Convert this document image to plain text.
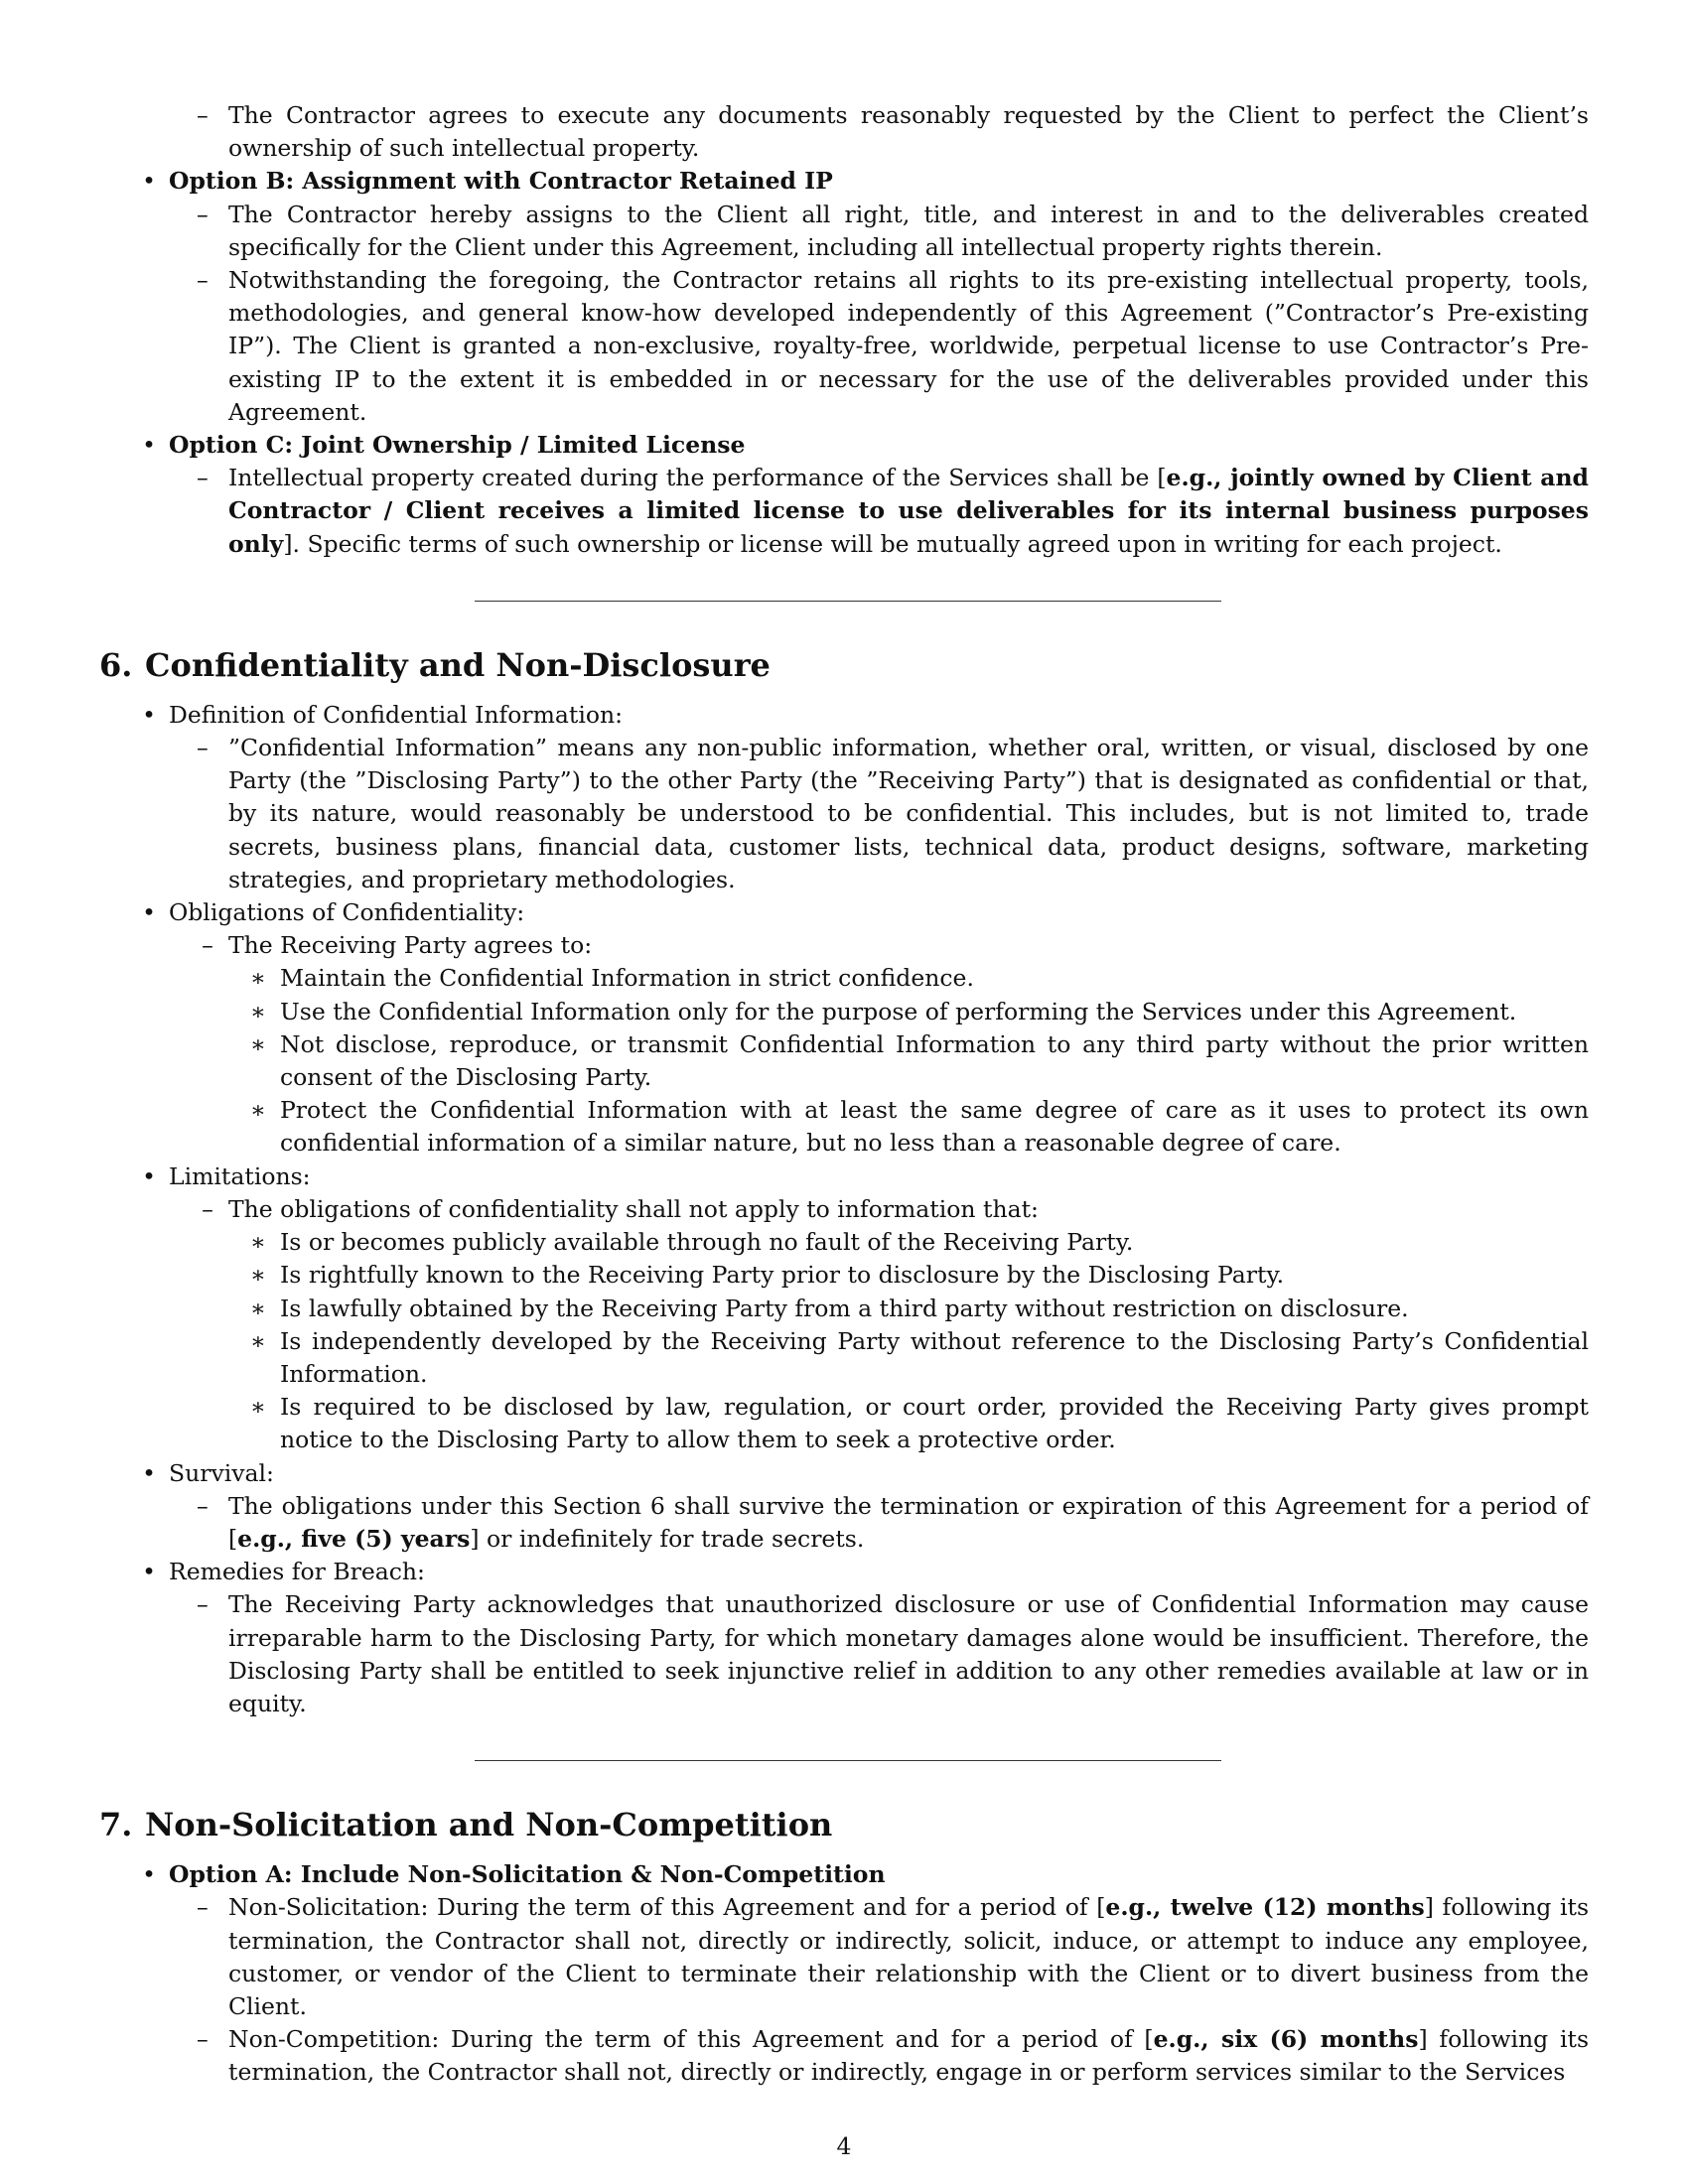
– The Contractor agrees to execute any documents reasonably requested by the Client to perfect the Client’s ownership of such intellectual property.
• Option B: Assignment with Contractor Retained IP
– The Contractor hereby assigns to the Client all right, title, and interest in and to the deliverables created specifically for the Client under this Agreement, including all intellectual property rights therein.
– Notwithstanding the foregoing, the Contractor retains all rights to its pre-existing intellectual property, tools, methodologies, and general know-how developed independently of this Agreement (”Contractor’s Pre-existing IP”). The Client is granted a non-exclusive, royalty-free, worldwide, perpetual license to use Contractor’s Pre-existing IP to the extent it is embedded in or necessary for the use of the deliverables provided under this Agreement.
• Option C: Joint Ownership / Limited License
– Intellectual property created during the performance of the Services shall be [e.g., jointly owned by Client and Contractor / Client receives a limited license to use deliverables for its internal business purposes only]. Specific terms of such ownership or license will be mutually agreed upon in writing for each project.
6. Confidentiality and Non-Disclosure
• Definition of Confidential Information:
– ”Confidential Information” means any non-public information, whether oral, written, or visual, disclosed by one Party (the ”Disclosing Party”) to the other Party (the ”Receiving Party”) that is designated as confidential or that, by its nature, would reasonably be understood to be confidential. This includes, but is not limited to, trade secrets, business plans, financial data, customer lists, technical data, product designs, software, marketing strategies, and proprietary methodologies.
• Obligations of Confidentiality:
– The Receiving Party agrees to:
∗ Maintain the Confidential Information in strict confidence.
∗ Use the Confidential Information only for the purpose of performing the Services under this Agreement.
∗ Not disclose, reproduce, or transmit Confidential Information to any third party without the prior written consent of the Disclosing Party.
∗ Protect the Confidential Information with at least the same degree of care as it uses to protect its own confidential information of a similar nature, but no less than a reasonable degree of care.
• Limitations:
– The obligations of confidentiality shall not apply to information that:
∗ Is or becomes publicly available through no fault of the Receiving Party.
∗ Is rightfully known to the Receiving Party prior to disclosure by the Disclosing Party.
∗ Is lawfully obtained by the Receiving Party from a third party without restriction on disclosure.
∗ Is independently developed by the Receiving Party without reference to the Disclosing Party’s Confidential Information.
∗ Is required to be disclosed by law, regulation, or court order, provided the Receiving Party gives prompt notice to the Disclosing Party to allow them to seek a protective order.
• Survival:
– The obligations under this Section 6 shall survive the termination or expiration of this Agreement for a period of [e.g., five (5) years] or indefinitely for trade secrets.
• Remedies for Breach:
– The Receiving Party acknowledges that unauthorized disclosure or use of Confidential Information may cause irreparable harm to the Disclosing Party, for which monetary damages alone would be insufficient. Therefore, the Disclosing Party shall be entitled to seek injunctive relief in addition to any other remedies available at law or in equity.
7. Non-Solicitation and Non-Competition
• Option A: Include Non-Solicitation & Non-Competition
– Non-Solicitation: During the term of this Agreement and for a period of [e.g., twelve (12) months] following its termination, the Contractor shall not, directly or indirectly, solicit, induce, or attempt to induce any employee, customer, or vendor of the Client to terminate their relationship with the Client or to divert business from the Client.
– Non-Competition: During the term of this Agreement and for a period of [e.g., six (6) months] following its termination, the Contractor shall not, directly or indirectly, engage in or perform services similar to the Services
4
